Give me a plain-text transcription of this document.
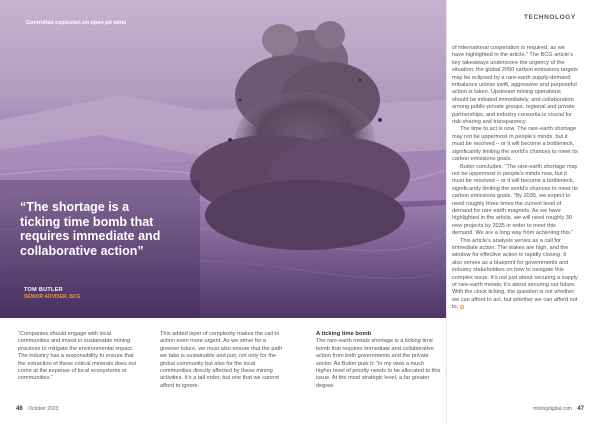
Controlled explosion on open pit mine
“The shortage is a ticking time bomb that requires immediate and collaborative action”
TOM BUTLER
SENIOR ADVISER, BCG

“Companies should engage with local communities and invest in sustainable mining practices to mitigate the environmental impact. The industry has a responsibility to ensure that the extraction of these critical minerals does not come at the expense of local ecosystems or communities.”

This added layer of complexity makes the call to action even more urgent. As we strive for a greener future, we must also ensure that the path we take is sustainable and just, not only for the global community but also for the local communities directly affected by these mining activities. It’s a tall order, but one that we cannot afford to ignore.

A ticking time bomb

The rare-earth metals shortage is a ticking time bomb that requires immediate and collaborative action from both governments and the private sector. As Butler puts it: “In my view a much higher level of priority needs to be allocated to this issue. At the most strategic level, a far greater degree

TECHNOLOGY

of international cooperation is required, as we have highlighted in the article.” The BCG article’s key takeaways underscore the urgency of the situation: the global 2050 carbon emissions targets may be eclipsed by a rare-earth supply-demand imbalance unless swift, aggressive and purposeful action is taken. Upstream mining operations should be initiated immediately, and collaboration among public-private groups, regional and private partnerships, and industry consortia is crucial for risk-sharing and transparency.

The time to act is now. The rare-earth shortage may not be uppermost in people’s minds, but it must be resolved – or it will become a bottleneck, significantly limiting the world’s chances to meet its carbon emissions goals.

Butler concludes: “The rare-earth shortage may not be uppermost in people’s minds now, but it must be resolved – or it will become a bottleneck, significantly limiting the world’s chances to meet its carbon emissions goals. “By 2035, we expect to need roughly three times the current level of demand for rare earth magnets. As we have highlighted in the article, we will need roughly 30 new projects by 2035 in order to meet this demand. We are a long way from achieving this.”

This article’s analysis serves as a call for immediate action. The stakes are high, and the window for effective action is rapidly closing. It also serves as a blueprint for governments and industry stakeholders on how to navigate this complex issue. It’s not just about securing a supply of rare-earth metals; it’s about securing our future. With the clock ticking, the question is not whether we can afford to act, but whether we can afford not to.

46 October 2023	miningdigital.com 47
